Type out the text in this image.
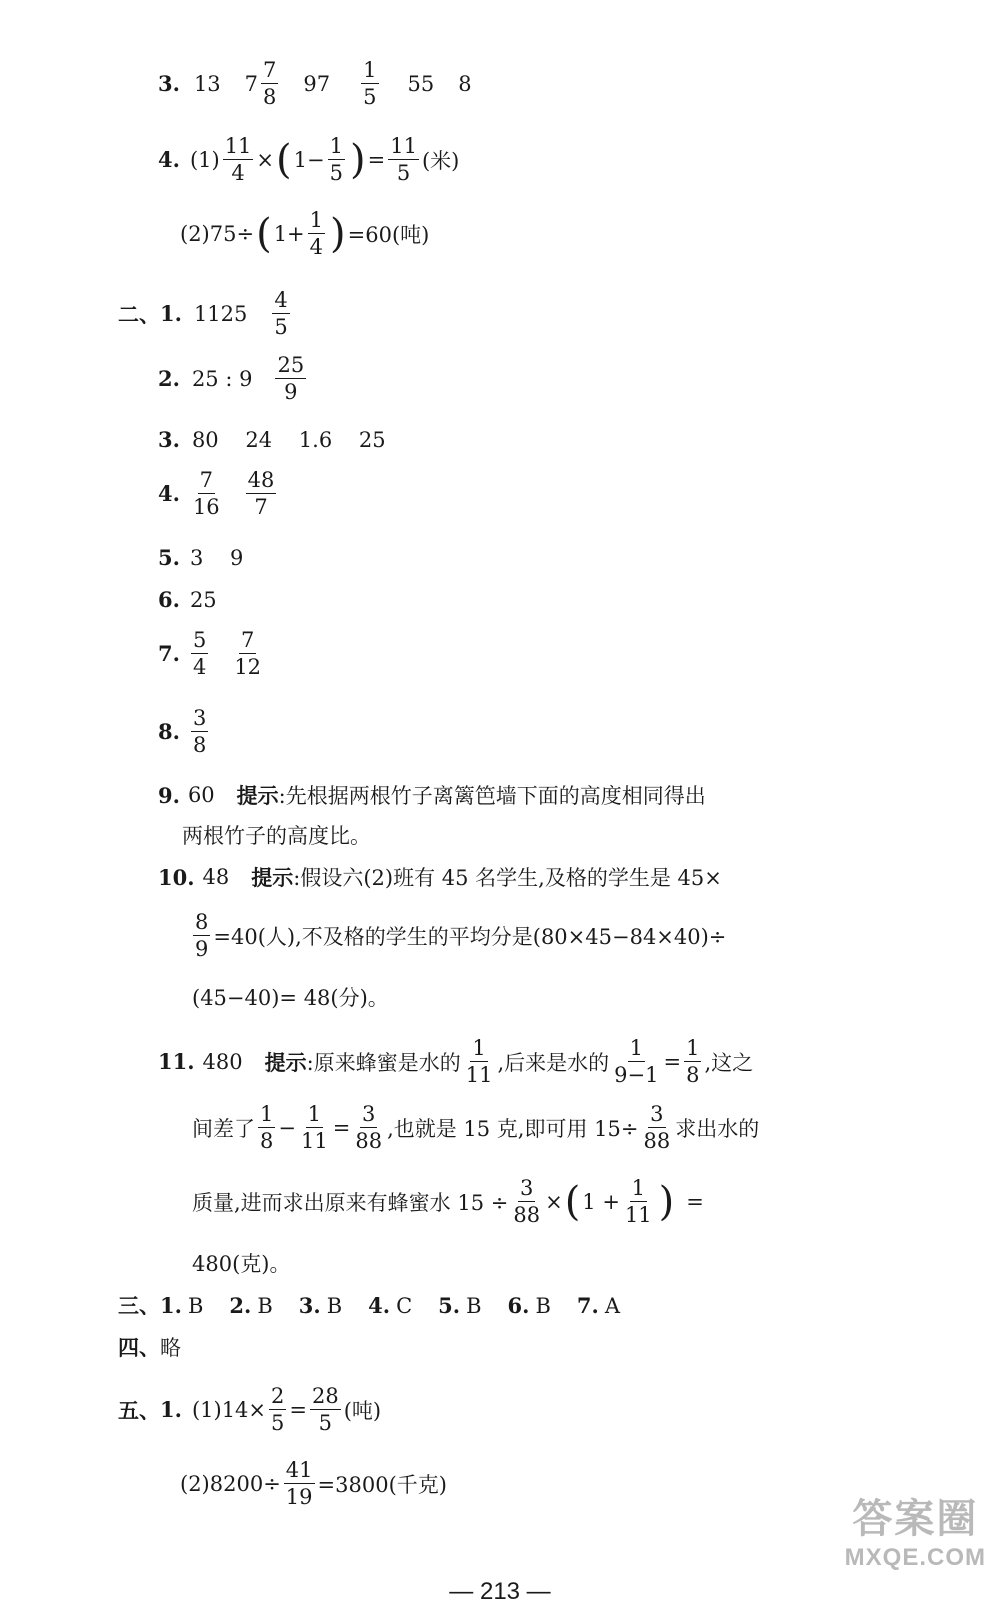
3. 13 $7 \frac{7}{8} 97 \frac{1}{5} 55$ 8
4. $(1) \frac{11}{4}$ × ( $1- \frac{1}{5}$ ) = $\frac{11}{5}$ (米)
(2) 75÷ ( $1+ \frac{1}{4}$ ) =60(吨)
二、 1. $1125 \frac{4}{5}$
2. 25 : $9 \frac{25}{9}$
3. 80    24    1.6    25
4. $\frac{7}{16} \frac{48}{7}$
5. 3    9
6. 25
7. $\frac{5}{4} \frac{7}{12}$
8. $\frac{3}{8}$
9. 60 提示 :先根据两根竹子离篱笆墙下面的高度相同得出
两根竹子的高度比。
10. 48 提示 :假设六(2)班有 45 名学生,及格的学生是 45×
$\frac{8}{9} =40$(人),不及格的学生的平均分是(80×45−84×40)÷
(45−40)= 48(分)。
11. 480 提示 :原来蜂蜜是水的 $\frac{1}{11}$ ,后来是水的 $\frac{1}{9-1} = \frac{1}{8}$ ,这之
间差了 $\frac{1}{8} - \frac{1}{11} = \frac{3}{88}$ ,也就是 15 克,即可用 $15\div \frac{3}{88}$ 求出水的
质量,进而求出原来有蜂蜜水 $15 \div \frac{3}{88}$ × ( $1 + \frac{1}{11}$ ) =
480(克)。
三、 1. B 2. B 3. B 4. C 5. B 6. B 7. A
四、 略
五、 1. (1) $14\times \frac{2}{5} = \frac{28}{5}$ (吨)
(2) $8200\div \frac{41}{19} =3800$(千克)
— 213 —
答案圈
MXQE.COM
